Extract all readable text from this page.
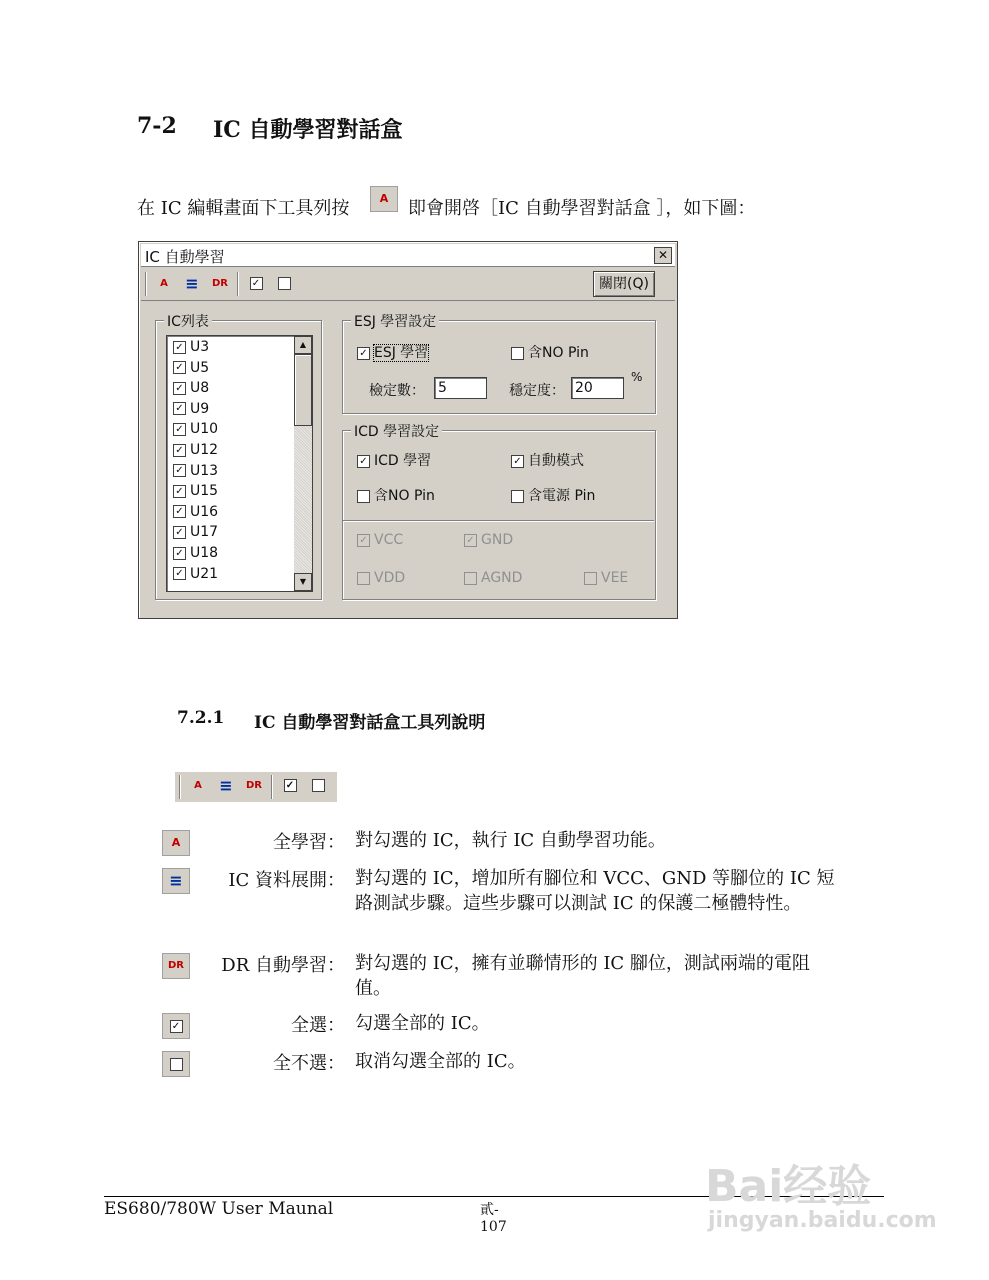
7-2 IC 自動學習對話盒
在 IC 編輯畫面下工具列按	A	即會開啓［IC 自動學習對話盒 ］，如下圖：
IC 自動學習	✕
A	≡	DR	✓	關閉(Q)
IC列表
✓ U3
✓ U5
✓ U8
✓ U9
✓ U10
✓ U12
✓ U13
✓ U15
✓ U16
✓ U17
✓ U18
✓ U21
▲
▼
ESJ 學習設定
✓ ESJ 學習	含NO Pin
檢定數： 5	穩定度： 20
%
ICD 學習設定
✓ ICD 學習	✓ 自動模式
含NO Pin	含電源 Pin
✓ VCC	✓ GND
VDD	AGND	VEE
7.2.1 IC 自動學習對話盒工具列說明
A	≡	DR	✓
A	全學習： 對勾選的 IC，執行 IC 自動學習功能。
≡	IC 資料展開： 對勾選的 IC，增加所有腳位和 VCC、GND 等腳位的 IC 短路測試步驟。這些步驟可以測試 IC 的保護二極體特性。
DR	DR 自動學習： 對勾選的 IC，擁有並聯情形的 IC 腳位，測試兩端的電阻值。
✓	全選： 勾選全部的 IC。
全不選： 取消勾選全部的 IC。
ES680/780W User Maunal	貳-
107
Bai经验
jingyan.baidu.com
